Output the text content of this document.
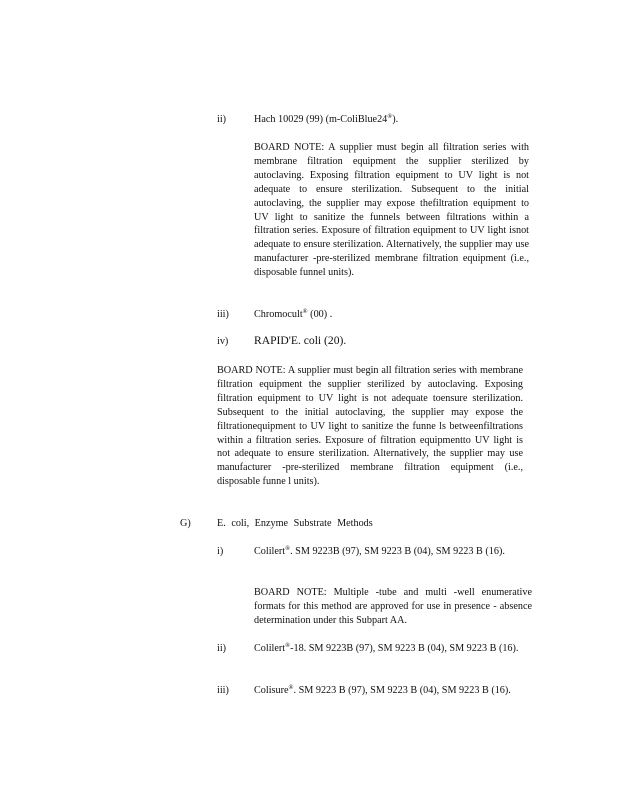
ii)	Hach 10029 (99) (m-ColiBlue24®).
BOARD NOTE: A supplier must begin all filtration series with membrane filtration equipment the supplier sterilized by autoclaving. Exposing filtration equipment to UV light is not adequate to ensure sterilization. Subsequent to the initial autoclaving, the supplier may expose thefiltration equipment to UV light to sanitize the funnels between filtrations within a filtration series. Exposure of filtration equipment to UV light isnot adequate to ensure sterilization. Alternatively, the supplier may use manufacturer -pre-sterilized membrane filtration equipment (i.e., disposable funnel units).
iii) Chromocult® (00) .
iv) RAPID'E. coli (20).
BOARD NOTE: A supplier must begin all filtration series with membrane filtration equipment the supplier sterilized by autoclaving. Exposing filtration equipment to UV light is not adequate toensure sterilization. Subsequent to the initial autoclaving, the supplier may expose the filtrationequipment to UV light to sanitize the funne ls betweenfiltrations within a filtration series. Exposure of filtration equipmentto UV light is not adequate to ensure sterilization. Alternatively, the supplier may use manufacturer -pre-sterilized membrane filtration equipment (i.e., disposable funne l units).
G)	E. coli, Enzyme Substrate Methods
i)	Colilert®. SM 9223B (97), SM 9223 B (04), SM 9223 B (16).
BOARD NOTE: Multiple -tube and multi -well enumerative formats for this method are approved for use in presence - absence determination under this Subpart AA.
ii)	Colilert®-18. SM 9223B (97), SM 9223 B (04), SM 9223 B (16).
iii) Colisure®. SM 9223 B (97), SM 9223 B (04), SM 9223 B (16).
